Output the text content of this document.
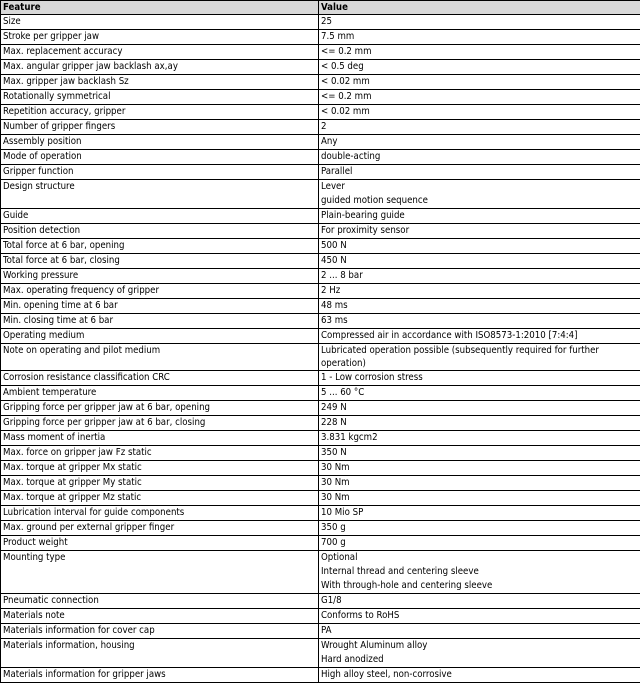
Feature	Value
Size	25

Stroke per gripper jaw	7.5 mm

Max. replacement accuracy	<= 0.2 mm

Max. angular gripper jaw backlash ax,ay	< 0.5 deg

Max. gripper jaw backlash Sz	< 0.02 mm

Rotationally symmetrical	<= 0.2 mm

Repetition accuracy, gripper	< 0.02 mm

Number of gripper fingers	2

Assembly position	Any

Mode of operation	double-acting

Gripper function	Parallel

Design structure	Lever
guided motion sequence

Guide	Plain-bearing guide

Position detection	For proximity sensor

Total force at 6 bar, opening	500 N

Total force at 6 bar, closing	450 N

Working pressure	2 ... 8 bar

Max. operating frequency of gripper	2 Hz

Min. opening time at 6 bar	48 ms

Min. closing time at 6 bar	63 ms

Operating medium	Compressed air in accordance with ISO8573-1:2010 [7:4:4]

Note on operating and pilot medium	Lubricated operation possible (subsequently required for further operation)

Corrosion resistance classification CRC	1 - Low corrosion stress

Ambient temperature	5 ... 60 °C

Gripping force per gripper jaw at 6 bar, opening	249 N

Gripping force per gripper jaw at 6 bar, closing	228 N

Mass moment of inertia	3.831 kgcm2

Max. force on gripper jaw Fz static	350 N

Max. torque at gripper Mx static	30 Nm

Max. torque at gripper My static	30 Nm

Max. torque at gripper Mz static	30 Nm

Lubrication interval for guide components	10 Mio SP

Max. ground per external gripper finger	350 g

Product weight	700 g

Mounting type	Optional
Internal thread and centering sleeve
With through-hole and centering sleeve

Pneumatic connection	G1/8

Materials note	Conforms to RoHS

Materials information for cover cap	PA

Materials information, housing	Wrought Aluminum alloy
Hard anodized

Materials information for gripper jaws	High alloy steel, non-corrosive
